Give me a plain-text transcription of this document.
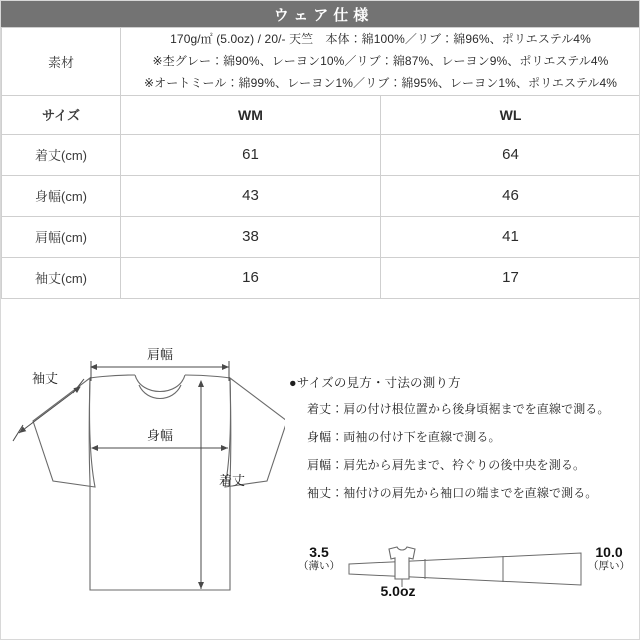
ウェア仕様
素材	170g/㎡ (5.0oz) / 20/- 天竺　本体：綿100%／リブ：綿96%、ポリエステル4%
※杢グレー：綿90%、レーヨン10%／リブ：綿87%、レーヨン9%、ポリエステル4%
※オートミール：綿99%、レーヨン1%／リブ：綿95%、レーヨン1%、ポリエステル4%	

サイズ	WM	WL
着丈(cm)	61	64
身幅(cm)	43	46
肩幅(cm)	38	41
袖丈(cm)	16	17
肩幅
袖丈
身幅
着丈
●サイズの見方・寸法の測り方
着丈：肩の付け根位置から後身頃裾までを直線で測る。
身幅：両袖の付け下を直線で測る。
肩幅：肩先から肩先まで、衿ぐりの後中央を測る。
袖丈：袖付けの肩先から袖口の端までを直線で測る。
3.5
（薄い）
10.0
（厚い）
5.0oz
